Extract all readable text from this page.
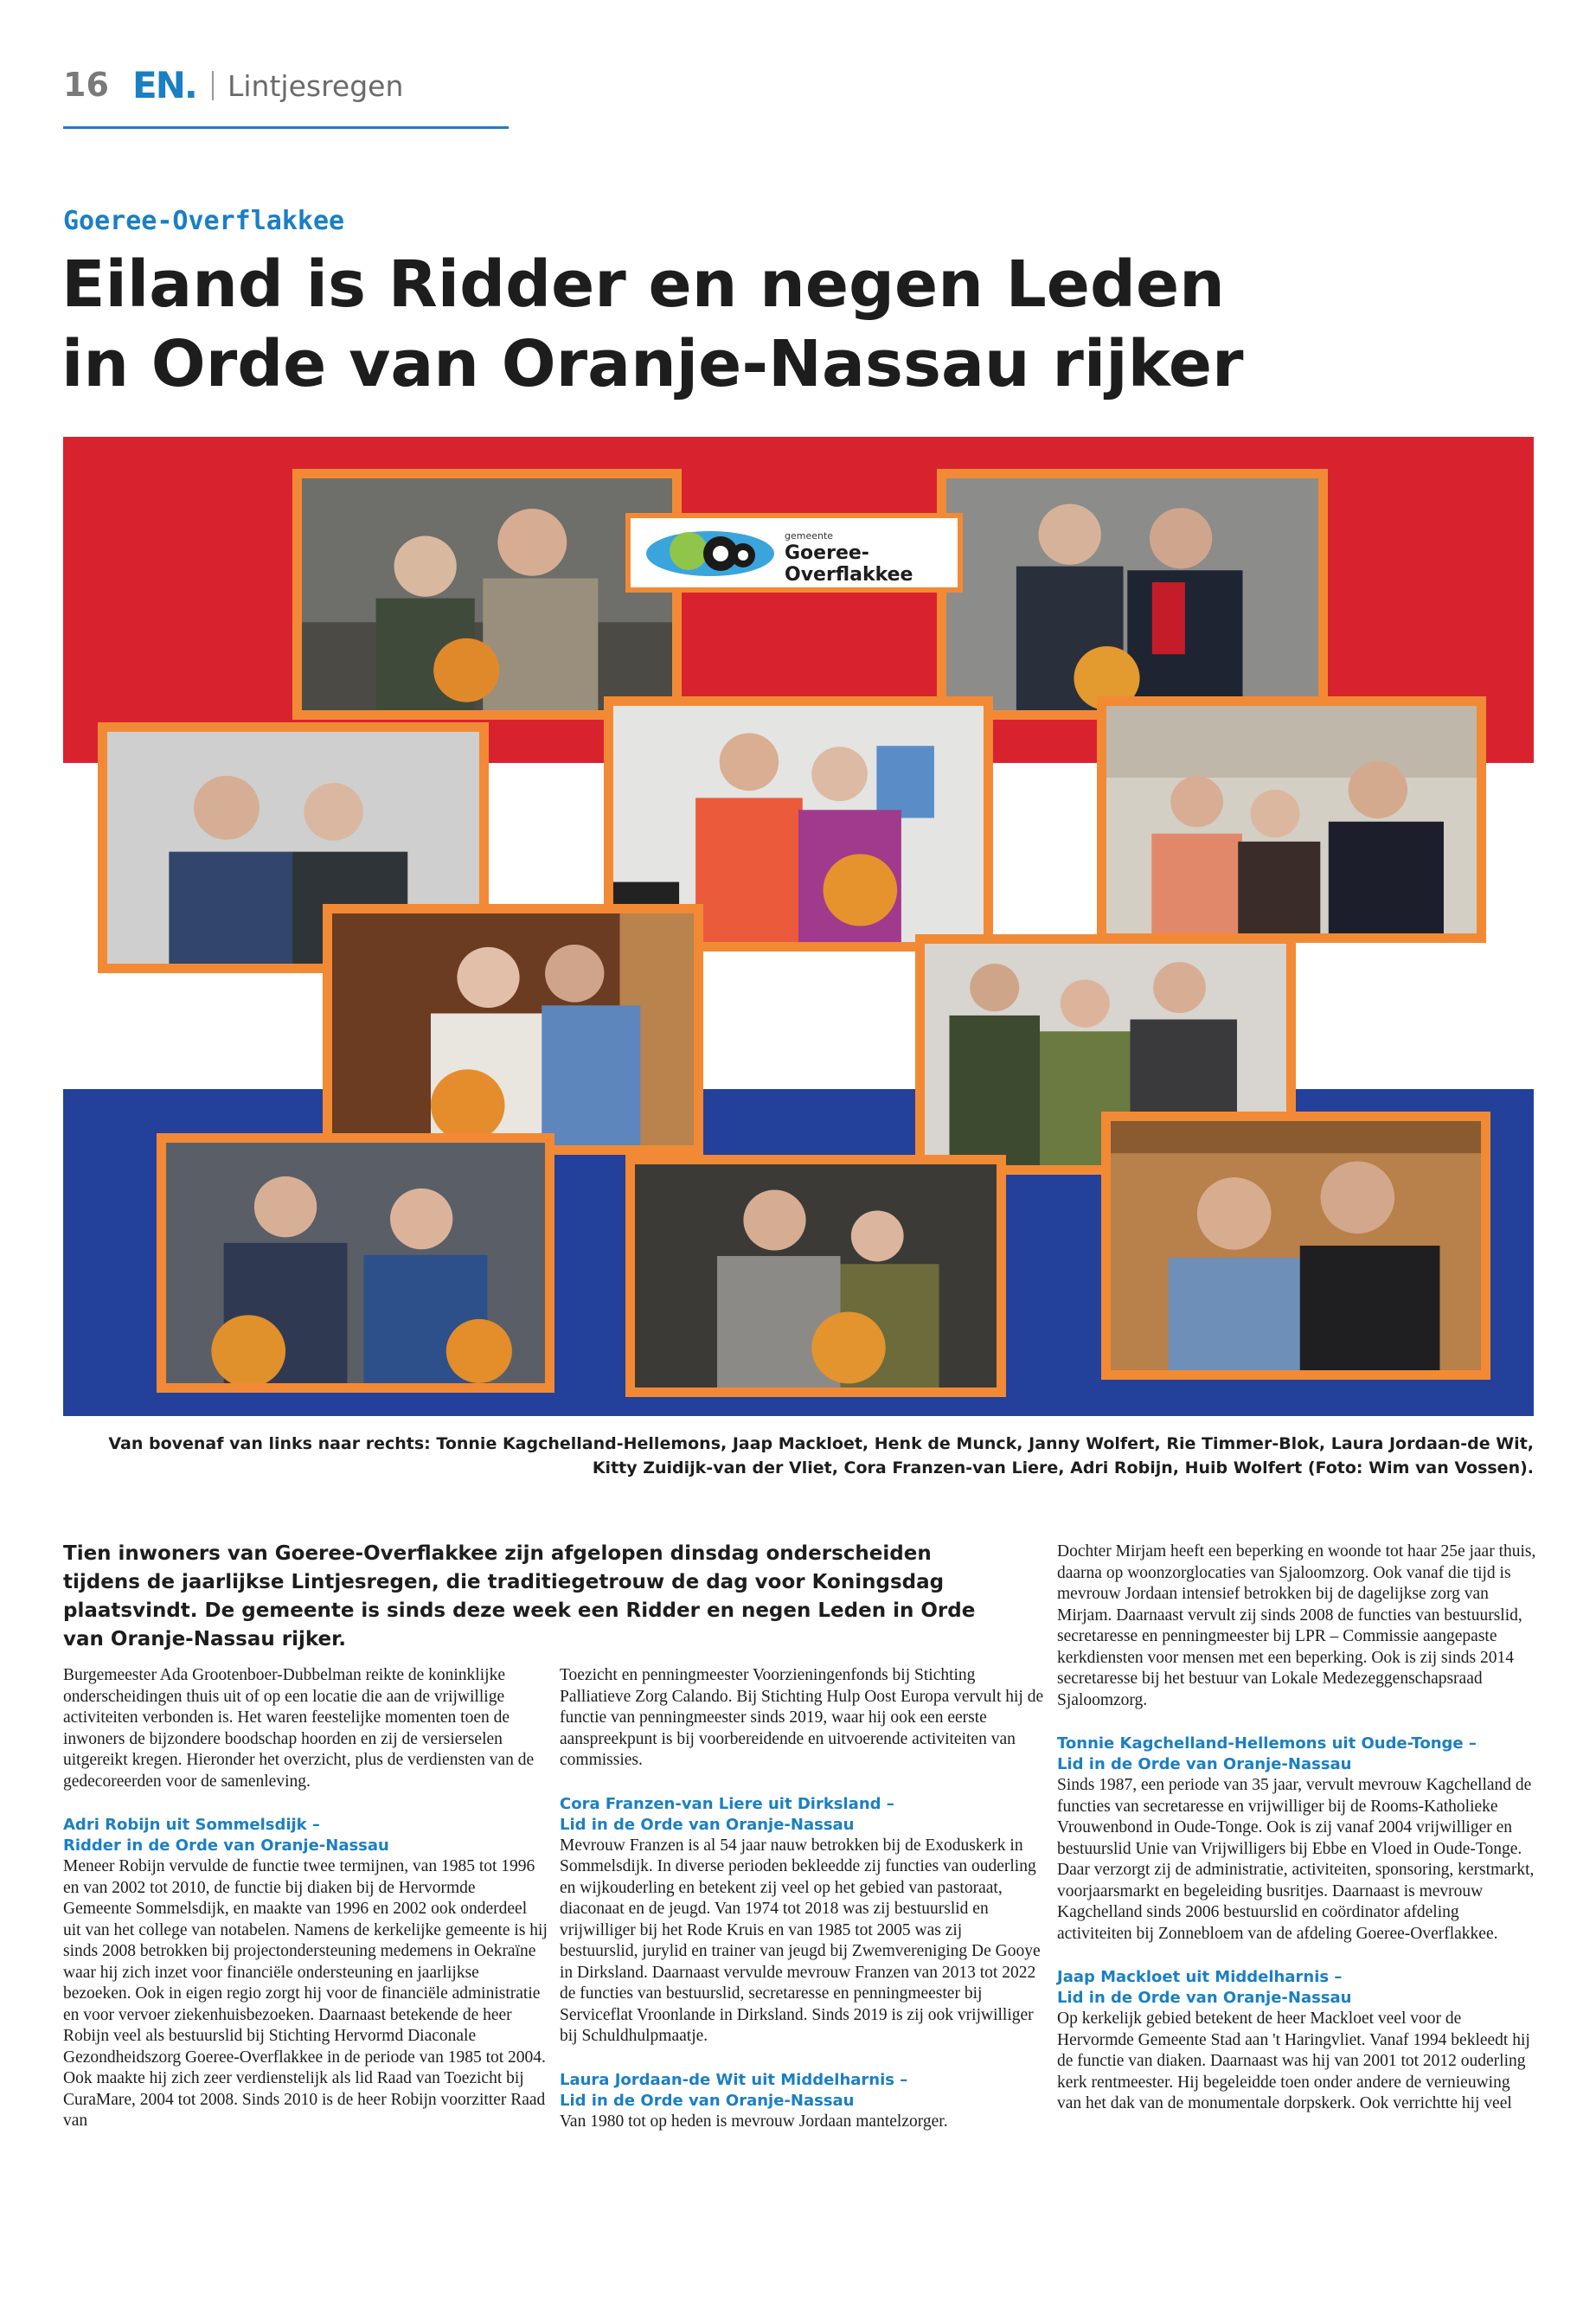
16 EN. Lintjesregen
Goeree-Overflakkee
Eiland is Ridder en negen Leden
in Orde van Oranje-Nassau rijker
gemeente
Goeree-Overflakkee
Van bovenaf van links naar rechts: Tonnie Kagchelland-Hellemons, Jaap Mackloet, Henk de Munck, Janny Wolfert, Rie Timmer-Blok, Laura Jordaan-de Wit,
Kitty Zuidijk-van der Vliet, Cora Franzen-van Liere, Adri Robijn, Huib Wolfert (Foto: Wim van Vossen).

Tien inwoners van Goeree-Overflakkee zijn afgelopen dinsdag onderscheiden tijdens de jaarlijkse Lintjesregen, die traditiegetrouw de dag voor Koningsdag plaatsvindt. De gemeente is sinds deze week een Ridder en negen Leden in Orde van Oranje-Nassau rijker.

Burgemeester Ada Grootenboer-Dubbelman reikte de koninklijke onderscheidingen thuis uit of op een locatie die aan de vrijwillige activiteiten verbonden is. Het waren feestelijke momenten toen de inwoners de bijzondere boodschap hoorden en zij de versierselen uitgereikt kregen. Hieronder het overzicht, plus de verdiensten van de gedecoreerden voor de samenleving.

Adri Robijn uit Sommelsdijk –
Ridder in de Orde van Oranje-Nassau

Meneer Robijn vervulde de functie twee termijnen, van 1985 tot 1996 en van 2002 tot 2010, de functie bij diaken bij de Hervormde Gemeente Sommelsdijk, en maakte van 1996 en 2002 ook onderdeel uit van het college van notabelen. Namens de kerkelijke gemeente is hij sinds 2008 betrokken bij projectondersteuning medemens in Oekraïne waar hij zich inzet voor financiële ondersteuning en jaarlijkse bezoeken. Ook in eigen regio zorgt hij voor de financiële administratie en voor vervoer ziekenhuisbezoeken. Daarnaast betekende de heer Robijn veel als bestuurslid bij Stichting Hervormd Diaconale Gezondheidszorg Goeree-Overflakkee in de periode van 1985 tot 2004. Ook maakte hij zich zeer verdienstelijk als lid Raad van Toezicht bij CuraMare, 2004 tot 2008. Sinds 2010 is de heer Robijn voorzitter Raad van

Toezicht en penningmeester Voorzieningenfonds bij Stichting Palliatieve Zorg Calando. Bij Stichting Hulp Oost Europa vervult hij de functie van penningmeester sinds 2019, waar hij ook een eerste aanspreekpunt is bij voorbereidende en uitvoerende activiteiten van commissies.

Cora Franzen-van Liere uit Dirksland –
Lid in de Orde van Oranje-Nassau

Mevrouw Franzen is al 54 jaar nauw betrokken bij de Exoduskerk in Sommelsdijk. In diverse perioden bekleedde zij functies van ouderling en wijkouderling en betekent zij veel op het gebied van pastoraat, diaconaat en de jeugd. Van 1974 tot 2018 was zij bestuurslid en vrijwilliger bij het Rode Kruis en van 1985 tot 2005 was zij bestuurslid, jurylid en trainer van jeugd bij Zwemvereniging De Gooye in Dirksland. Daarnaast vervulde mevrouw Franzen van 2013 tot 2022 de functies van bestuurslid, secretaresse en penningmeester bij Serviceflat Vroonlande in Dirksland. Sinds 2019 is zij ook vrijwilliger bij Schuldhulpmaatje.

Laura Jordaan-de Wit uit Middelharnis –
Lid in de Orde van Oranje-Nassau

Van 1980 tot op heden is mevrouw Jordaan mantelzorger.

Dochter Mirjam heeft een beperking en woonde tot haar 25e jaar thuis, daarna op woonzorglocaties van Sjaloomzorg. Ook vanaf die tijd is mevrouw Jordaan intensief betrokken bij de dagelijkse zorg van Mirjam. Daarnaast vervult zij sinds 2008 de functies van bestuurslid, secretaresse en penningmeester bij LPR – Commissie aangepaste kerkdiensten voor mensen met een beperking. Ook is zij sinds 2014 secretaresse bij het bestuur van Lokale Medezeggenschapsraad Sjaloomzorg.

Tonnie Kagchelland-Hellemons uit Oude-Tonge –
Lid in de Orde van Oranje-Nassau

Sinds 1987, een periode van 35 jaar, vervult mevrouw Kagchelland de functies van secretaresse en vrijwilliger bij de Rooms-Katholieke Vrouwenbond in Oude-Tonge. Ook is zij vanaf 2004 vrijwilliger en bestuurslid Unie van Vrijwilligers bij Ebbe en Vloed in Oude-Tonge. Daar verzorgt zij de administratie, activiteiten, sponsoring, kerstmarkt, voorjaarsmarkt en begeleiding busritjes. Daarnaast is mevrouw Kagchelland sinds 2006 bestuurslid en coördinator afdeling activiteiten bij Zonnebloem van de afdeling Goeree-Overflakkee.

Jaap Mackloet uit Middelharnis –
Lid in de Orde van Oranje-Nassau

Op kerkelijk gebied betekent de heer Mackloet veel voor de Hervormde Gemeente Stad aan 't Haringvliet. Vanaf 1994 bekleedt hij de functie van diaken. Daarnaast was hij van 2001 tot 2012 ouderling kerk rentmeester. Hij begeleidde toen onder andere de vernieuwing van het dak van de monumentale dorpskerk. Ook verrichtte hij veel
